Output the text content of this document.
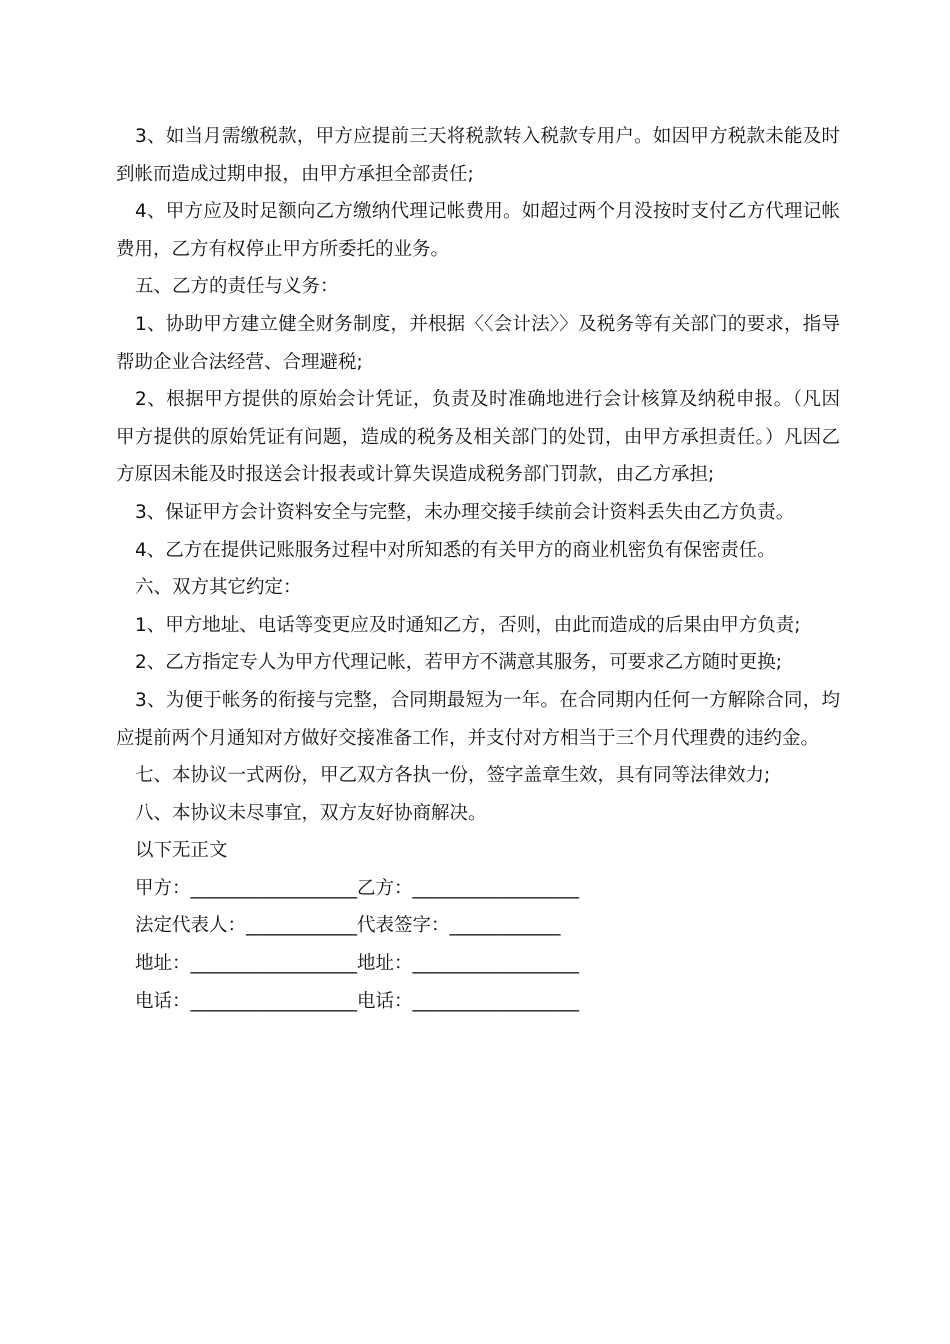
3、如当月需缴税款，甲方应提前三天将税款转入税款专用户。如因甲方税款未能及时到帐而造成过期申报，由甲方承担全部责任;

4、甲方应及时足额向乙方缴纳代理记帐费用。如超过两个月没按时支付乙方代理记帐费用，乙方有权停止甲方所委托的业务。

五、乙方的责任与义务：

1、协助甲方建立健全财务制度，并根据〈〈会计法〉〉及税务等有关部门的要求，指导帮助企业合法经营、合理避税;

2、根据甲方提供的原始会计凭证，负责及时准确地进行会计核算及纳税申报。（凡因甲方提供的原始凭证有问题，造成的税务及相关部门的处罚，由甲方承担责任。）凡因乙方原因未能及时报送会计报表或计算失误造成税务部门罚款，由乙方承担;

3、保证甲方会计资料安全与完整，未办理交接手续前会计资料丢失由乙方负责。

4、乙方在提供记账服务过程中对所知悉的有关甲方的商业机密负有保密责任。

六、双方其它约定：

1、甲方地址、电话等变更应及时通知乙方，否则，由此而造成的后果由甲方负责;

2、乙方指定专人为甲方代理记帐，若甲方不满意其服务，可要求乙方随时更换;

3、为便于帐务的衔接与完整，合同期最短为一年。在合同期内任何一方解除合同，均应提前两个月通知对方做好交接准备工作，并支付对方相当于三个月代理费的违约金。

七、本协议一式两份，甲乙双方各执一份，签字盖章生效，具有同等法律效力;

八、本协议未尽事宜，双方友好协商解决。

以下无正文

甲方：__________________乙方：__________________

法定代表人：____________代表签字：____________

地址：__________________地址：__________________

电话：__________________电话：__________________
